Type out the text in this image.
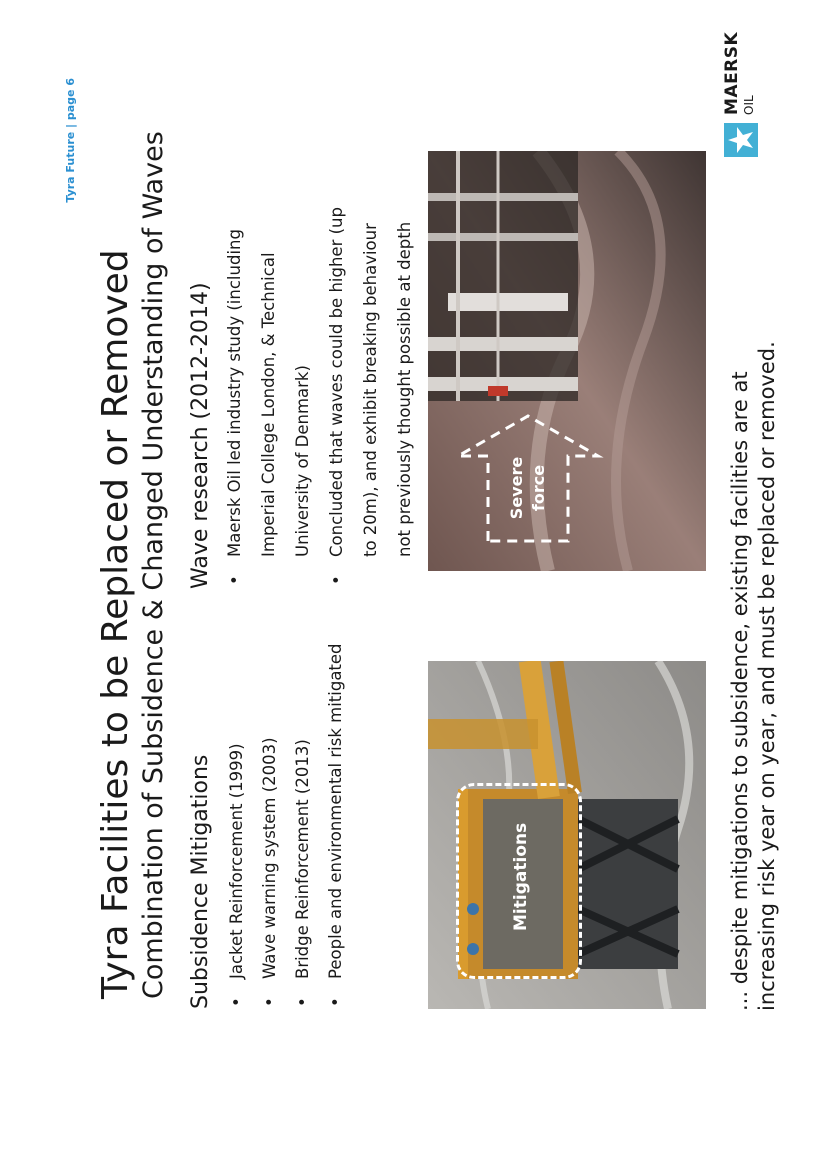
Tyra Future | page 6
Tyra Facilities to be Replaced or Removed Combination of Subsidence & Changed Understanding of Waves Subsidence Mitigations • Jacket Reinforcement (1999) • Wave warning system (2003) • Bridge Reinforcement (2013) • People and environmental risk mitigated
Wave research (2012-2014) • Maersk Oil led industry study (including Imperial College London, & Technical University of Denmark) • Concluded that waves could be higher (up to 20m), and exhibit breaking behaviour not previously thought possible at depth
Mitigations
Severe force	... despite mitigations to subsidence, existing facilities are at increasing risk year on year, and must be replaced or removed.
MAERSK OIL
